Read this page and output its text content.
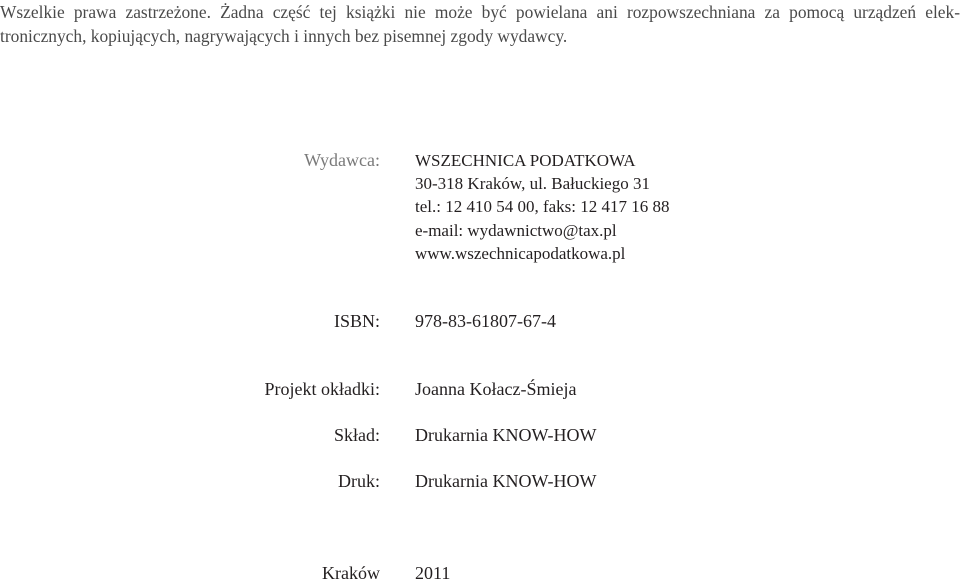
Wszelkie prawa zastrzeżone. Żadna część tej książki nie może być powielana ani rozpowszechniana za pomocą urządzeń elek-
tronicznych, kopiujących, nagrywających i innych bez pisemnej zgody wydawcy.

Wydawca: WSZECHNICA PODATKOWA
30-318 Kraków, ul. Bałuckiego 31
tel.: 12 410 54 00, faks: 12 417 16 88
e-mail: wydawnictwo@tax.pl
www.wszechnicapodatkowa.pl
ISBN: 978-83-61807-67-4
Projekt okładki: Joanna Kołacz-Śmieja
Skład: Drukarnia KNOW-HOW
Druk: Drukarnia KNOW-HOW
Kraków 2011
